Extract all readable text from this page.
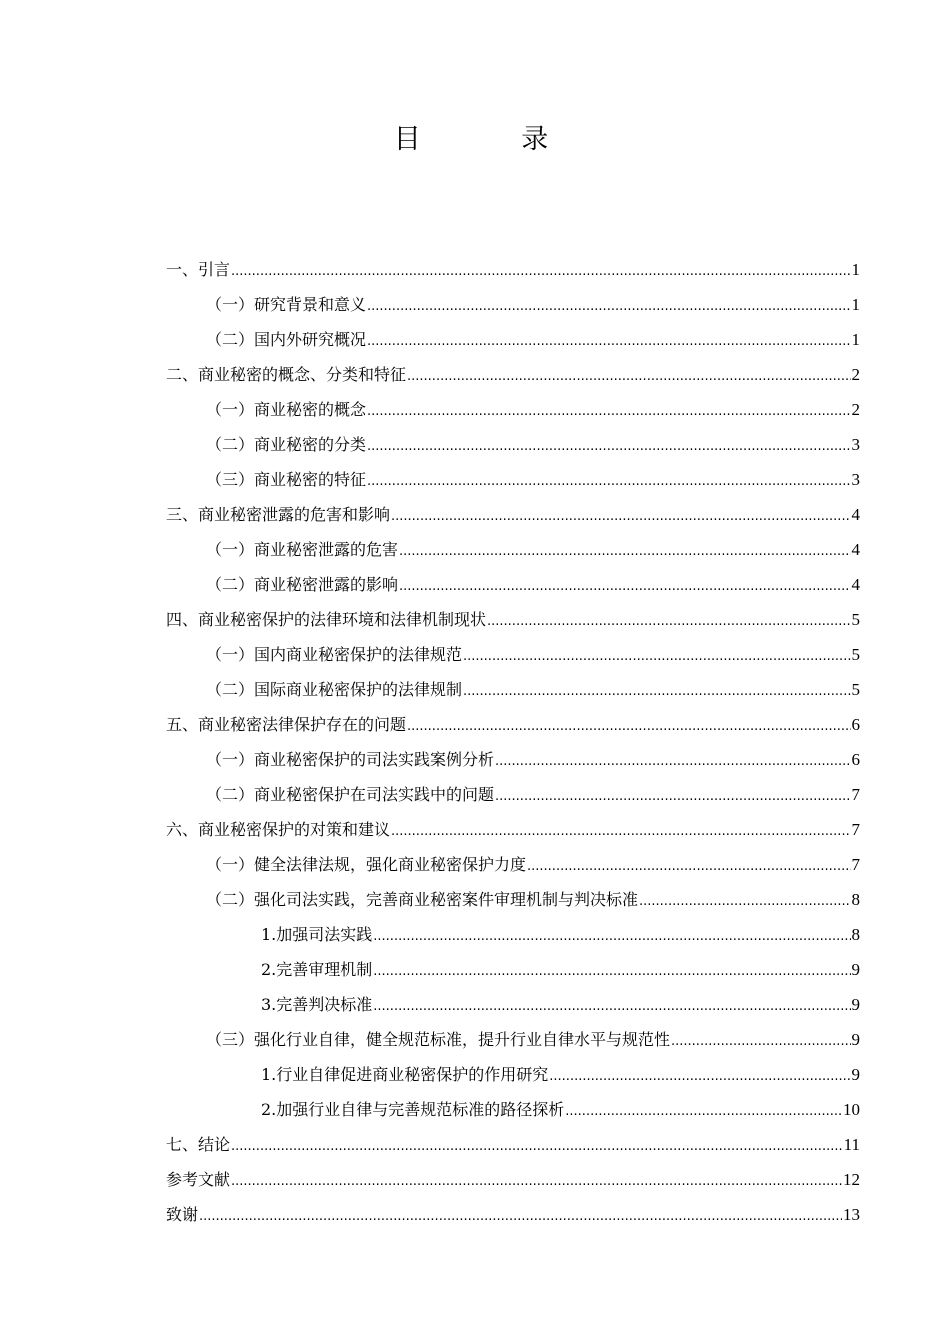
目 录
一、引言 .....	1
（一）研究背景和意义 .....	1
（二）国内外研究概况 .....	1
二、商业秘密的概念、分类和特征 .....	2
（一）商业秘密的概念 .....	2
（二）商业秘密的分类 .....	3
（三）商业秘密的特征 .....	3
三、商业秘密泄露的危害和影响 .....	4
（一）商业秘密泄露的危害 .....	4
（二）商业秘密泄露的影响 .....	4
四、商业秘密保护的法律环境和法律机制现状 .....	5
（一）国内商业秘密保护的法律规范 .....	5
（二）国际商业秘密保护的法律规制 .....	5
五、商业秘密法律保护存在的问题 .....	6
（一）商业秘密保护的司法实践案例分析 .....	6
（二）商业秘密保护在司法实践中的问题 .....	7
六、商业秘密保护的对策和建议 .....	7
（一）健全法律法规，强化商业秘密保护力度 .....	7
（二）强化司法实践，完善商业秘密案件审理机制与判决标准 .....	8
1.加强司法实践 .....	8
2.完善审理机制 .....	9
3.完善判决标准 .....	9
（三）强化行业自律，健全规范标准，提升行业自律水平与规范性 .....	9
1.行业自律促进商业秘密保护的作用研究 .....	9
2.加强行业自律与完善规范标准的路径探析 .....	10
七、结论 .....	11
参考文献 .....	12
致谢 .....	13
